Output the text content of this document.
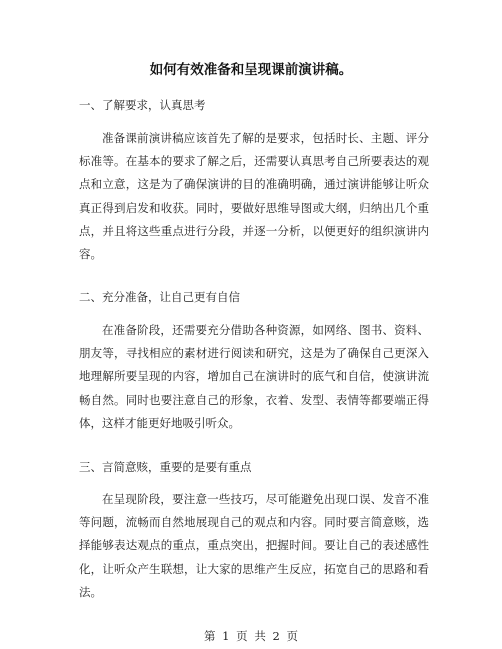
如何有效准备和呈现课前演讲稿。
一、了解要求，认真思考

准备课前演讲稿应该首先了解的是要求，包括时长、主题、评分标准等。在基本的要求了解之后，还需要认真思考自己所要表达的观点和立意，这是为了确保演讲的目的准确明确，通过演讲能够让听众真正得到启发和收获。同时，要做好思维导图或大纲，归纳出几个重点，并且将这些重点进行分段，并逐一分析，以便更好的组织演讲内容。

二、充分准备，让自己更有自信

在准备阶段，还需要充分借助各种资源，如网络、图书、资料、朋友等，寻找相应的素材进行阅读和研究，这是为了确保自己更深入地理解所要呈现的内容，增加自己在演讲时的底气和自信，使演讲流畅自然。同时也要注意自己的形象，衣着、发型、表情等都要端正得体，这样才能更好地吸引听众。

三、言简意赅，重要的是要有重点

在呈现阶段，要注意一些技巧，尽可能避免出现口误、发音不准等问题，流畅而自然地展现自己的观点和内容。同时要言简意赅，选择能够表达观点的重点，重点突出，把握时间。要让自己的表述感性化，让听众产生联想，让大家的思维产生反应，拓宽自己的思路和看法。

第 1 页 共 2 页
